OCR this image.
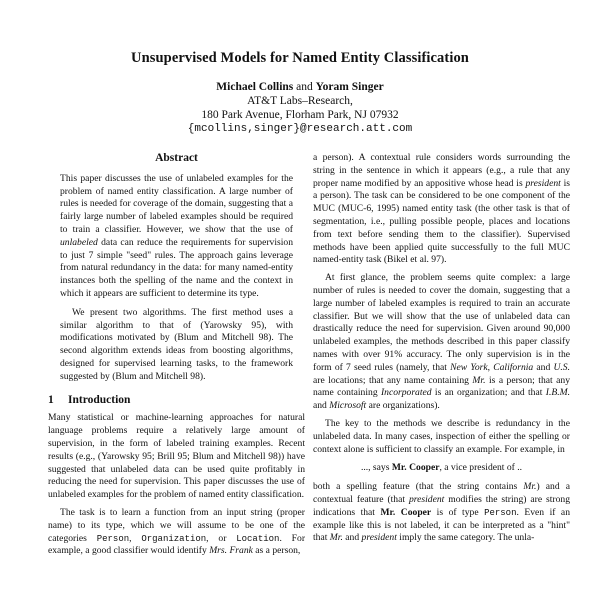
Unsupervised Models for Named Entity Classification
Michael Collins and Yoram Singer
AT&T Labs–Research,
180 Park Avenue, Florham Park, NJ 07932
{mcollins,singer}@research.att.com
Abstract

This paper discusses the use of unlabeled examples for the problem of named entity classification. A large number of rules is needed for coverage of the domain, suggesting that a fairly large number of labeled examples should be required to train a classifier. However, we show that the use of unlabeled data can reduce the requirements for supervision to just 7 simple "seed" rules. The approach gains leverage from natural redundancy in the data: for many named-entity instances both the spelling of the name and the context in which it appears are sufficient to determine its type.

We present two algorithms. The first method uses a similar algorithm to that of (Yarowsky 95), with modifications motivated by (Blum and Mitchell 98). The second algorithm extends ideas from boosting algorithms, designed for supervised learning tasks, to the framework suggested by (Blum and Mitchell 98).

1 Introduction

Many statistical or machine-learning approaches for natural language problems require a relatively large amount of supervision, in the form of labeled training examples. Recent results (e.g., (Yarowsky 95; Brill 95; Blum and Mitchell 98)) have suggested that unlabeled data can be used quite profitably in reducing the need for supervision. This paper discusses the use of unlabeled examples for the problem of named entity classification.

The task is to learn a function from an input string (proper name) to its type, which we will assume to be one of the categories Person, Organization, or Location. For example, a good classifier would identify Mrs. Frank as a person,

a person). A contextual rule considers words surrounding the string in the sentence in which it appears (e.g., a rule that any proper name modified by an appositive whose head is president is a person). The task can be considered to be one component of the MUC (MUC-6, 1995) named entity task (the other task is that of segmentation, i.e., pulling possible people, places and locations from text before sending them to the classifier). Supervised methods have been applied quite successfully to the full MUC named-entity task (Bikel et al. 97).

At first glance, the problem seems quite complex: a large number of rules is needed to cover the domain, suggesting that a large number of labeled examples is required to train an accurate classifier. But we will show that the use of unlabeled data can drastically reduce the need for supervision. Given around 90,000 unlabeled examples, the methods described in this paper classify names with over 91% accuracy. The only supervision is in the form of 7 seed rules (namely, that New York, California and U.S. are locations; that any name containing Mr. is a person; that any name containing Incorporated is an organization; and that I.B.M. and Microsoft are organizations).

The key to the methods we describe is redundancy in the unlabeled data. In many cases, inspection of either the spelling or context alone is sufficient to classify an example. For example, in

..., says Mr. Cooper, a vice president of ..

both a spelling feature (that the string contains Mr.) and a contextual feature (that president modifies the string) are strong indications that Mr. Cooper is of type Person. Even if an example like this is not labeled, it can be interpreted as a "hint" that Mr. and president imply the same category. The unla-
